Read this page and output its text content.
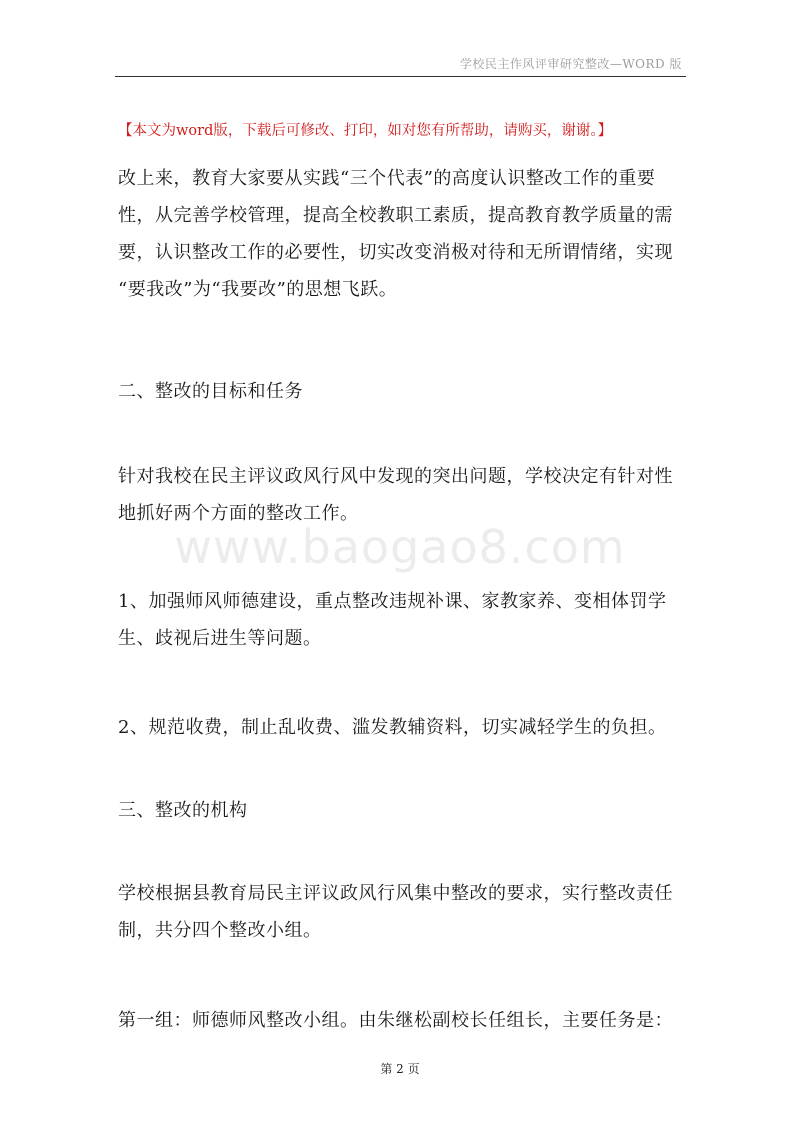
学校民主作风评审研究整改—WORD 版
【本文为word版，下载后可修改、打印，如对您有所帮助，请购买，谢谢。】
www.baogao8.com
改上来，教育大家要从实践“三个代表”的高度认识整改工作的重要
性，从完善学校管理，提高全校教职工素质，提高教育教学质量的需
要，认识整改工作的必要性，切实改变消极对待和无所谓情绪，实现
“要我改”为“我要改”的思想飞跃。
二、整改的目标和任务
针对我校在民主评议政风行风中发现的突出问题，学校决定有针对性
地抓好两个方面的整改工作。
1、加强师风师德建设，重点整改违规补课、家教家养、变相体罚学
生、歧视后进生等问题。
2、规范收费，制止乱收费、滥发教辅资料，切实减轻学生的负担。
三、整改的机构
学校根据县教育局民主评议政风行风集中整改的要求，实行整改责任
制，共分四个整改小组。
第一组：师德师风整改小组。由朱继松副校长任组长，主要任务是：
第 2 页
